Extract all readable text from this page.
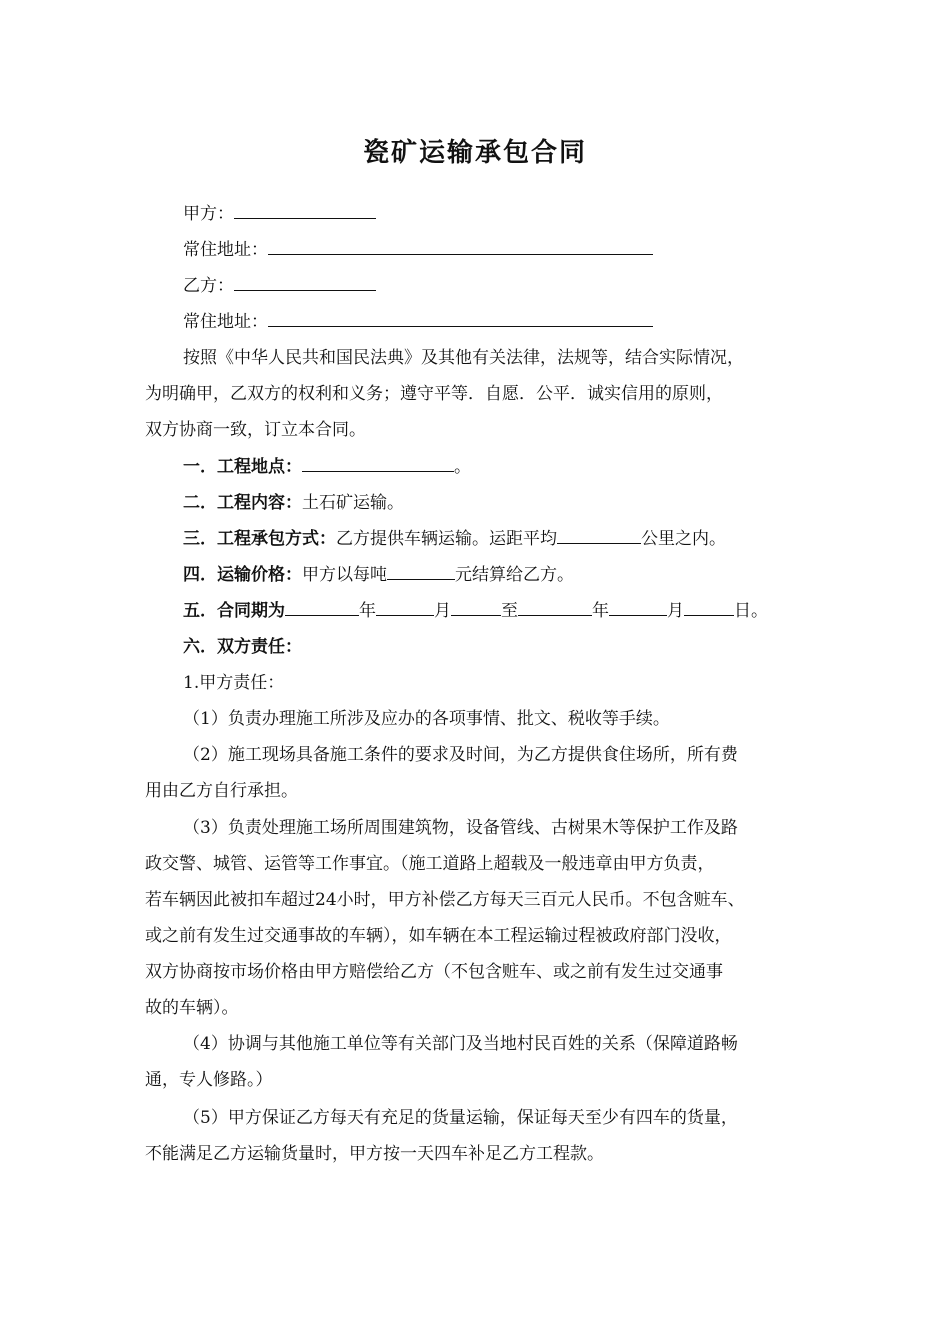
瓷矿运输承包合同
甲方：
常住地址：
乙方：
常住地址：
按照《中华人民共和国民法典》及其他有关法律，法规等，结合实际情况，
为明确甲，乙双方的权利和义务；遵守平等．自愿．公平．诚实信用的原则，
双方协商一致，订立本合同。
一．工程地点：	。
二．工程内容：土石矿运输。
三．工程承包方式：乙方提供车辆运输。运距平均	公里之内。
四．运输价格：甲方以每吨	元结算给乙方。
五．合同期为	年	月	至	年	月	日。
六．双方责任：
1.甲方责任：
（1）负责办理施工所涉及应办的各项事情、批文、税收等手续。
（2）施工现场具备施工条件的要求及时间，为乙方提供食住场所，所有费
用由乙方自行承担。
（3）负责处理施工场所周围建筑物，设备管线、古树果木等保护工作及路
政交警、城管、运管等工作事宜。（施工道路上超载及一般违章由甲方负责，
若车辆因此被扣车超过24小时，甲方补偿乙方每天三百元人民币。不包含赃车、
或之前有发生过交通事故的车辆），如车辆在本工程运输过程被政府部门没收，
双方协商按市场价格由甲方赔偿给乙方（不包含赃车、或之前有发生过交通事
故的车辆）。
（4）协调与其他施工单位等有关部门及当地村民百姓的关系（保障道路畅
通，专人修路。）
（5）甲方保证乙方每天有充足的货量运输，保证每天至少有四车的货量，
不能满足乙方运输货量时，甲方按一天四车补足乙方工程款。
